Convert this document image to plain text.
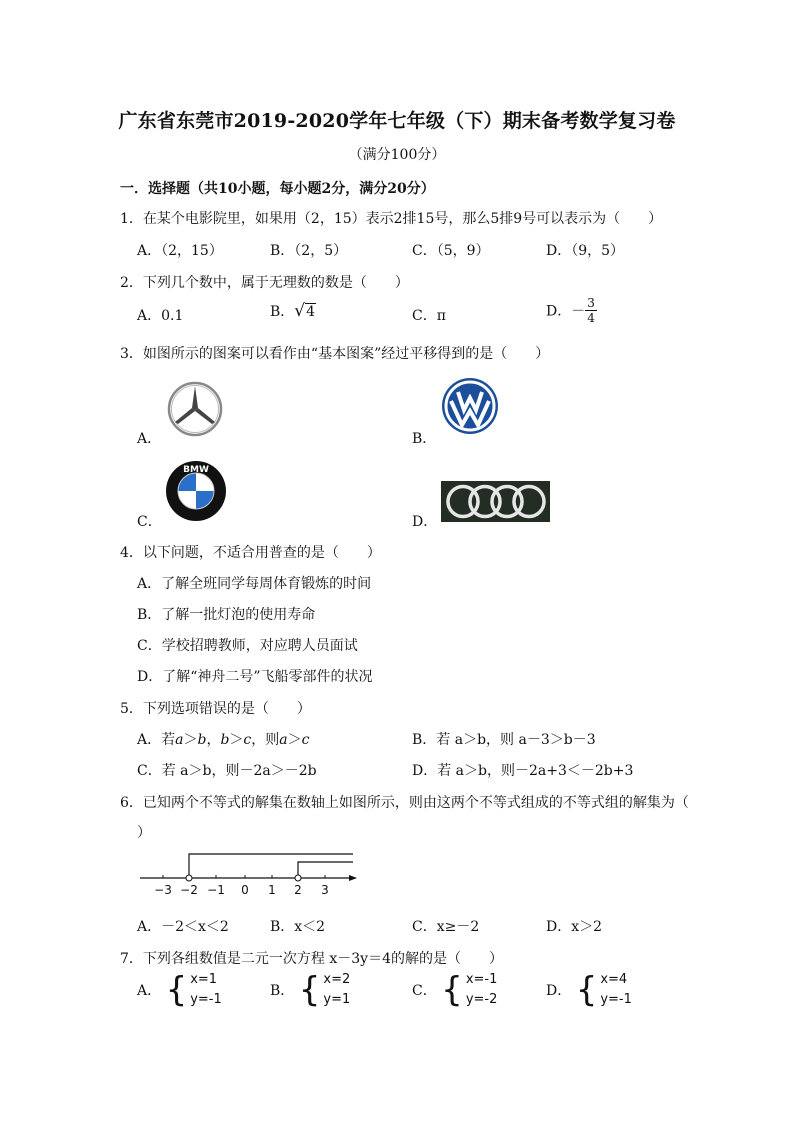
广东省东莞市2019-2020学年七年级（下）期末备考数学复习卷
（满分100分）
一．选择题（共10小题，每小题2分，满分20分）
1．在某个电影院里，如果用（2，15）表示2排15号，那么5排9号可以表示为（　　）
A．（2，15）	B．（2，5）	C．（5，9）	D．（9，5）
2．下列几个数中，属于无理数的数是（　　）
A．0.1	B．√4	C．π	D．－ $\frac{3}{4}$
3．如图所示的图案可以看作由“基本图案”经过平移得到的是（　　）
A．	B．
C．	D．
BMW
4．以下问题，不适合用普查的是（　　）
A．了解全班同学每周体育锻炼的时间
B．了解一批灯泡的使用寿命
C．学校招聘教师，对应聘人员面试
D．了解“神舟二号”飞船零部件的状况
5．下列选项错误的是（　　）
A．若a＞b，b＞c，则a＞c	B．若 a＞b，则 a－3＞b－3
C．若 a＞b，则－2a＞－2b	D．若 a＞b，则－2a+3＜－2b+3
6．已知两个不等式的解集在数轴上如图所示，则由这两个不等式组成的不等式组的解集为（
）
−3 −2 −1 0 1 2 3
A．－2＜x＜2	B．x＜2	C．x≥－2	D．x＞2
7．下列各组数值是二元一次方程 x－3y＝4的解的是（　　）
A． { x=1
y=-1
B． { x=2
y=1
C． { x=-1
y=-2
D． { x=4
y=-1
